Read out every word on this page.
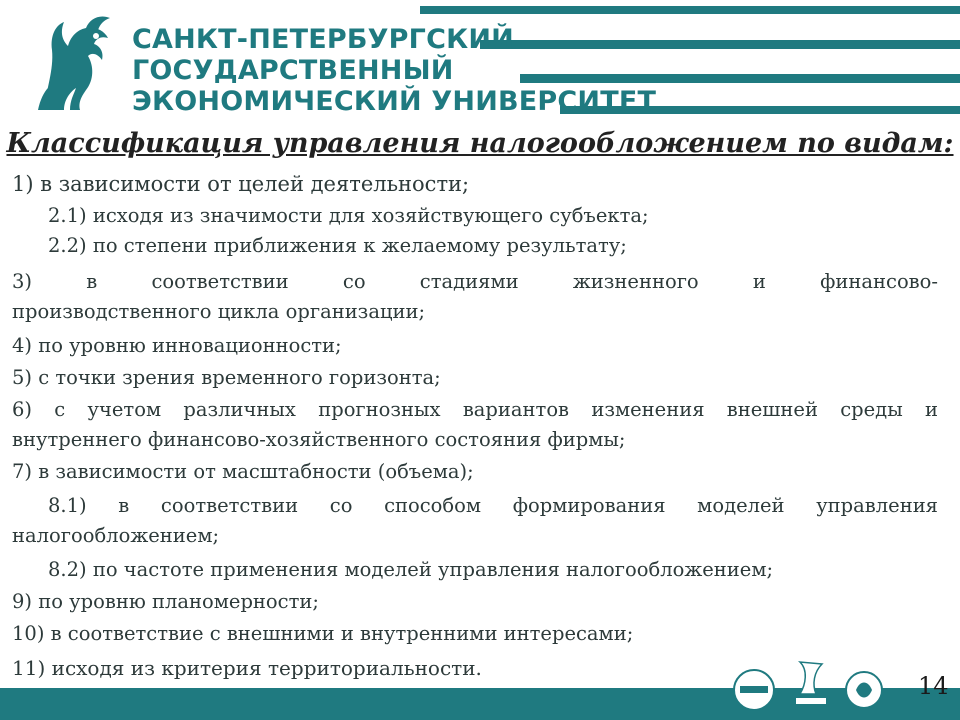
САНКТ-ПЕТЕРБУРГСКИЙ
ГОСУДАРСТВЕННЫЙ
ЭКОНОМИЧЕСКИЙ УНИВЕРСИТЕТ
Классификация управления налогообложением по видам:
1) в зависимости от целей деятельности;
2.1) исходя из значимости для хозяйствующего субъекта;
2.2) по степени приближения к желаемому результату;
3) в соответствии со стадиями жизненного и финансово-
производственного цикла организации;
4) по уровню инновационности;
5) с точки зрения временного горизонта;
6) с учетом различных прогнозных вариантов изменения внешней среды и
внутреннего финансово-хозяйственного состояния фирмы;
7) в зависимости от масштабности (объема);
8.1) в соответствии со способом формирования моделей управления
налогообложением;
8.2) по частоте применения моделей управления налогообложением;
9) по уровню планомерности;
10) в соответствие с внешними и внутренними интересами;
11) исходя из критерия территориальности.
14
